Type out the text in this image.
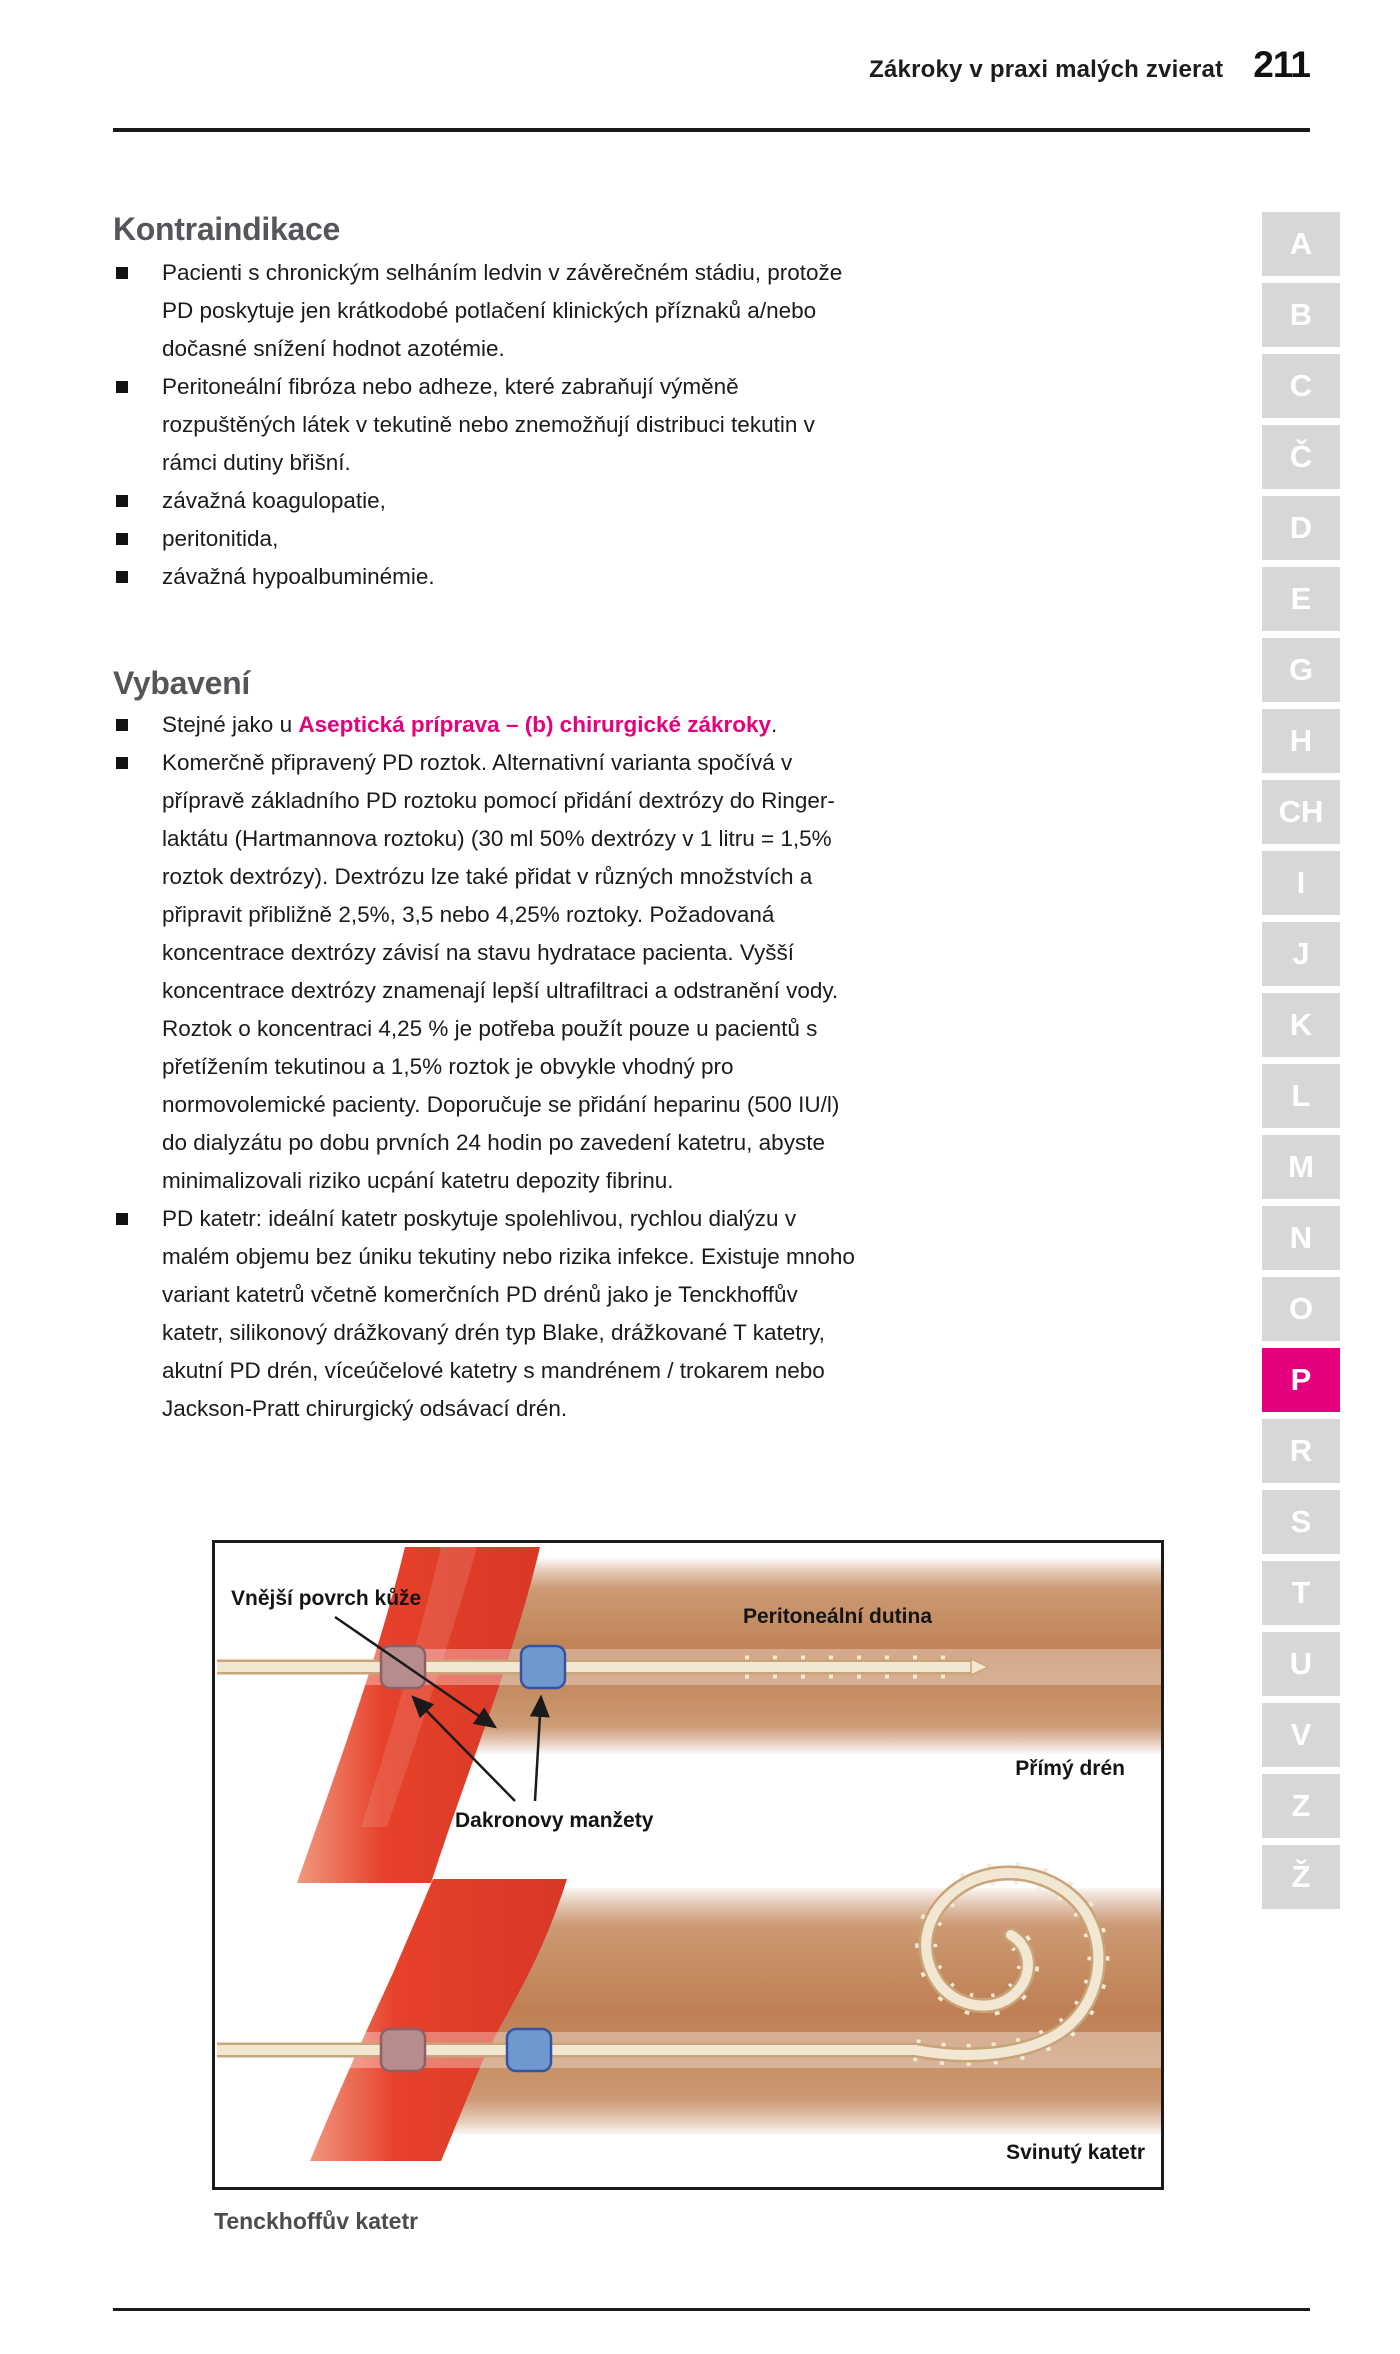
Zákroky v praxi malých zvierat 211
Kontraindikace
Pacienti s chronickým selháním ledvin v závěrečném stádiu, protože PD poskytuje jen krátkodobé potlačení klinických příznaků a/nebo dočasné snížení hodnot azotémie.
Peritoneální fibróza nebo adheze, které zabraňují výměně rozpuštěných látek v tekutině nebo znemožňují distribuci tekutin v rámci dutiny břišní.
závažná koagulopatie,
peritonitida,
závažná hypoalbuminémie.
Vybavení
Stejné jako u Aseptická príprava – (b) chirurgické zákroky.
Komerčně připravený PD roztok. Alternativní varianta spočívá v přípravě základního PD roztoku pomocí přidání dextrózy do Ringer-laktátu (Hartmannova roztoku) (30 ml 50% dextrózy v 1 litru = 1,5% roztok dextrózy). Dextrózu lze také přidat v různých množstvích a připravit přibližně 2,5%, 3,5 nebo 4,25% roztoky. Požadovaná koncentrace dextrózy závisí na stavu hydratace pacienta. Vyšší koncentrace dextrózy znamenají lepší ultrafiltraci a odstranění vody. Roztok o koncentraci 4,25 % je potřeba použít pouze u pacientů s přetížením tekutinou a 1,5% roztok je obvykle vhodný pro normovolemické pacienty. Doporučuje se přidání heparinu (500 IU/l) do dialyzátu po dobu prvních 24 hodin po zavedení katetru, abyste minimalizovali riziko ucpání katetru depozity fibrinu.
PD katetr: ideální katetr poskytuje spolehlivou, rychlou dialýzu v malém objemu bez úniku tekutiny nebo rizika infekce. Existuje mnoho variant katetrů včetně komerčních PD drénů jako je Tenckhoffův katetr, silikonový drážkovaný drén typ Blake, drážkované T katetry, akutní PD drén, víceúčelové katetry s mandrénem / trokarem nebo Jackson-Pratt chirurgický odsávací drén.
Vnější povrch kůže
Peritoneální dutina
Přímý drén
Dakronovy manžety
Svinutý katetr
Tenckhoffův katetr
A
B
C
Č
D
E
G
H
CH
I
J
K
L
M
N
O
P
R
S
T
U
V
Z
Ž
